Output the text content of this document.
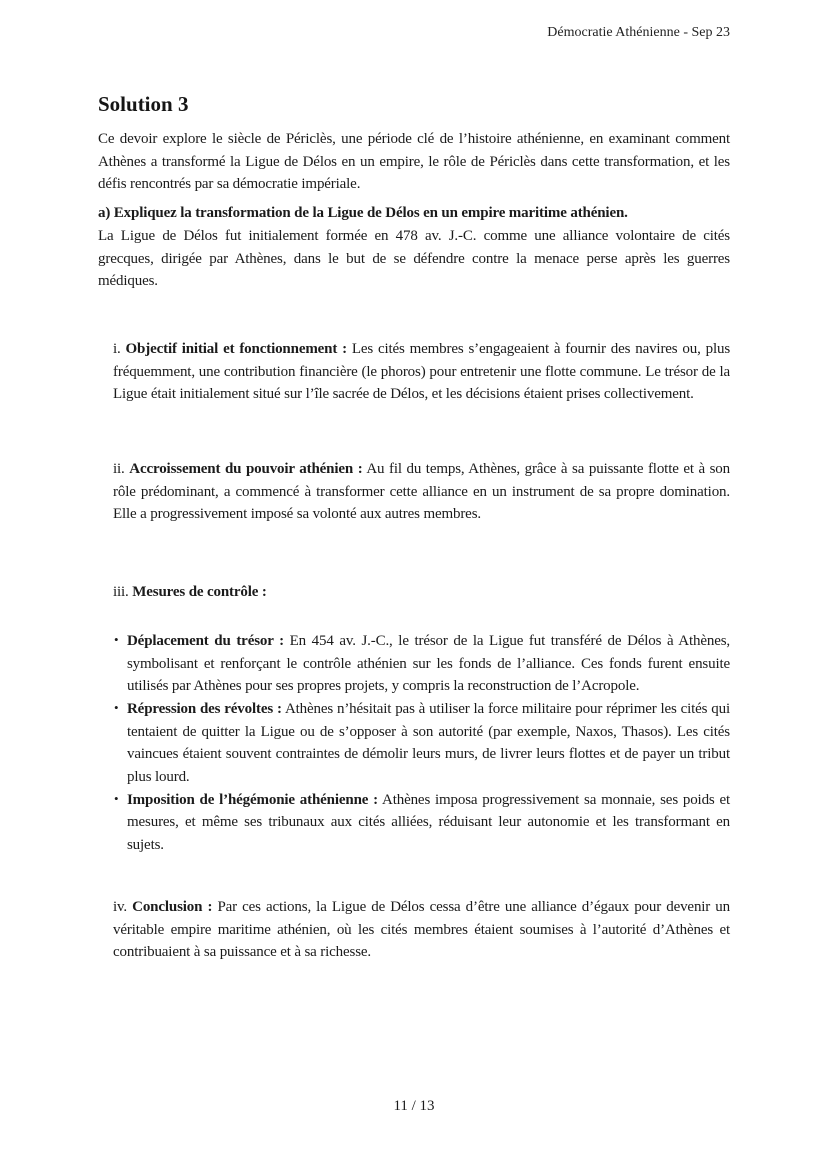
Démocratie Athénienne - Sep 23
Solution 3

Ce devoir explore le siècle de Périclès, une période clé de l’histoire athénienne, en examinant comment Athènes a transformé la Ligue de Délos en un empire, le rôle de Périclès dans cette transformation, et les défis rencontrés par sa démocratie impériale.

a) Expliquez la transformation de la Ligue de Délos en un empire maritime athénien.

La Ligue de Délos fut initialement formée en 478 av. J.-C. comme une alliance volontaire de cités grecques, dirigée par Athènes, dans le but de se défendre contre la menace perse après les guerres médiques.

i. Objectif initial et fonctionnement : Les cités membres s’engageaient à fournir des navires ou, plus fréquemment, une contribution financière (le phoros) pour entretenir une flotte commune. Le trésor de la Ligue était initialement situé sur l’île sacrée de Délos, et les décisions étaient prises collectivement.

ii. Accroissement du pouvoir athénien : Au fil du temps, Athènes, grâce à sa puissante flotte et à son rôle prédominant, a commencé à transformer cette alliance en un instrument de sa propre domination. Elle a progressivement imposé sa volonté aux autres membres.

iii. Mesures de contrôle :

• Déplacement du trésor : En 454 av. J.-C., le trésor de la Ligue fut transféré de Délos à Athènes, symbolisant et renforçant le contrôle athénien sur les fonds de l’alliance. Ces fonds furent ensuite utilisés par Athènes pour ses propres projets, y compris la reconstruction de l’Acropole.
• Répression des révoltes : Athènes n’hésitait pas à utiliser la force militaire pour réprimer les cités qui tentaient de quitter la Ligue ou de s’opposer à son autorité (par exemple, Naxos, Thasos). Les cités vaincues étaient souvent contraintes de démolir leurs murs, de livrer leurs flottes et de payer un tribut plus lourd.
• Imposition de l’hégémonie athénienne : Athènes imposa progressivement sa monnaie, ses poids et mesures, et même ses tribunaux aux cités alliées, réduisant leur autonomie et les transformant en sujets.

iv. Conclusion : Par ces actions, la Ligue de Délos cessa d’être une alliance d’égaux pour devenir un véritable empire maritime athénien, où les cités membres étaient soumises à l’autorité d’Athènes et contribuaient à sa puissance et à sa richesse.

11 / 13
